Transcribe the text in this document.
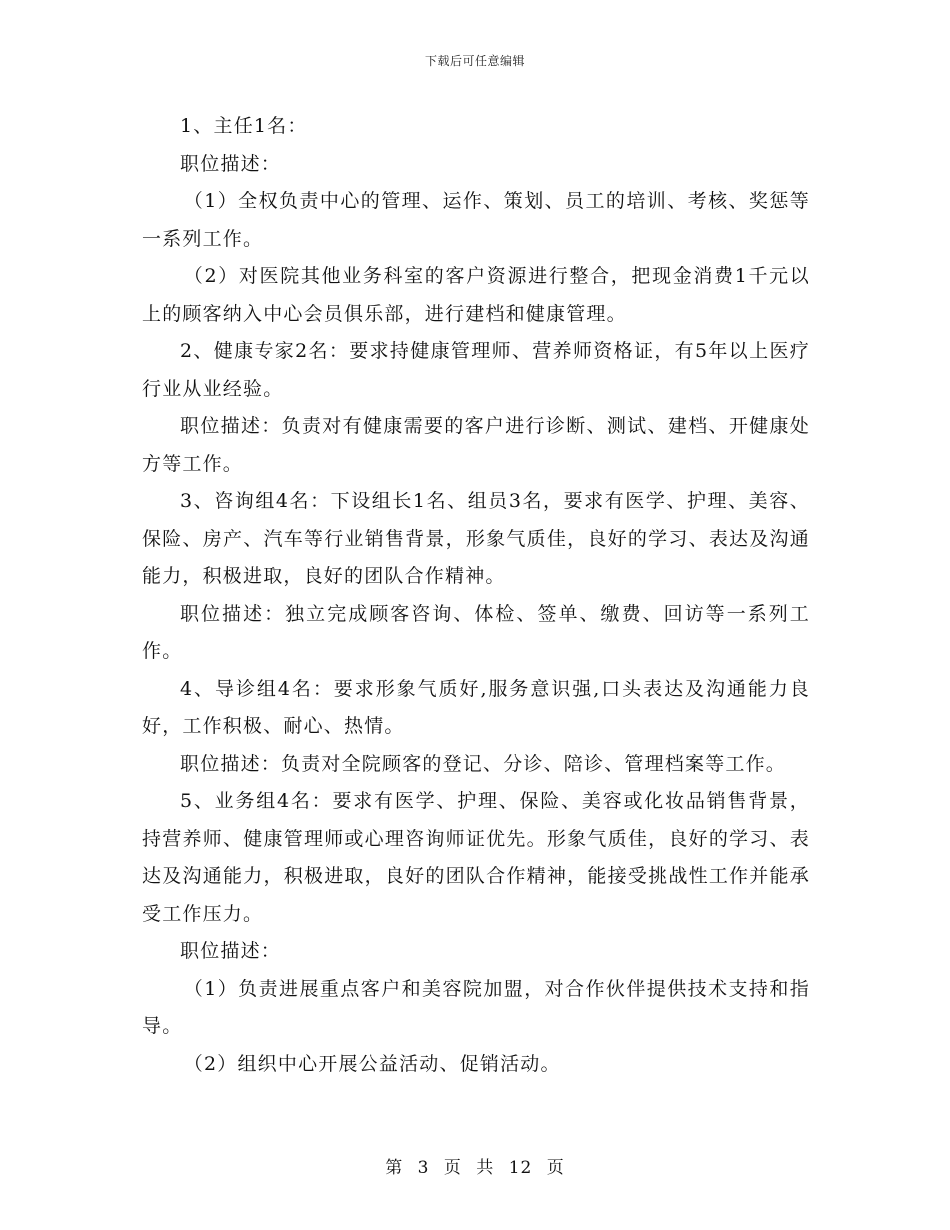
下载后可任意编辑

1、主任1名：

职位描述：

（1）全权负责中心的管理、运作、策划、员工的培训、考核、奖惩等一系列工作。

（2）对医院其他业务科室的客户资源进行整合，把现金消费1千元以上的顾客纳入中心会员俱乐部，进行建档和健康管理。

2、健康专家2名：要求持健康管理师、营养师资格证，有5年以上医疗行业从业经验。

职位描述：负责对有健康需要的客户进行诊断、测试、建档、开健康处方等工作。

3、咨询组4名：下设组长1名、组员3名，要求有医学、护理、美容、保险、房产、汽车等行业销售背景，形象气质佳，良好的学习、表达及沟通能力，积极进取，良好的团队合作精神。

职位描述：独立完成顾客咨询、体检、签单、缴费、回访等一系列工作。

4、导诊组4名：要求形象气质好,服务意识强,口头表达及沟通能力良好，工作积极、耐心、热情。

职位描述：负责对全院顾客的登记、分诊、陪诊、管理档案等工作。

5、业务组4名：要求有医学、护理、保险、美容或化妆品销售背景，持营养师、健康管理师或心理咨询师证优先。形象气质佳，良好的学习、表达及沟通能力，积极进取，良好的团队合作精神，能接受挑战性工作并能承受工作压力。

职位描述：

（1）负责进展重点客户和美容院加盟，对合作伙伴提供技术支持和指导。

（2）组织中心开展公益活动、促销活动。

第 3 页 共 12 页
